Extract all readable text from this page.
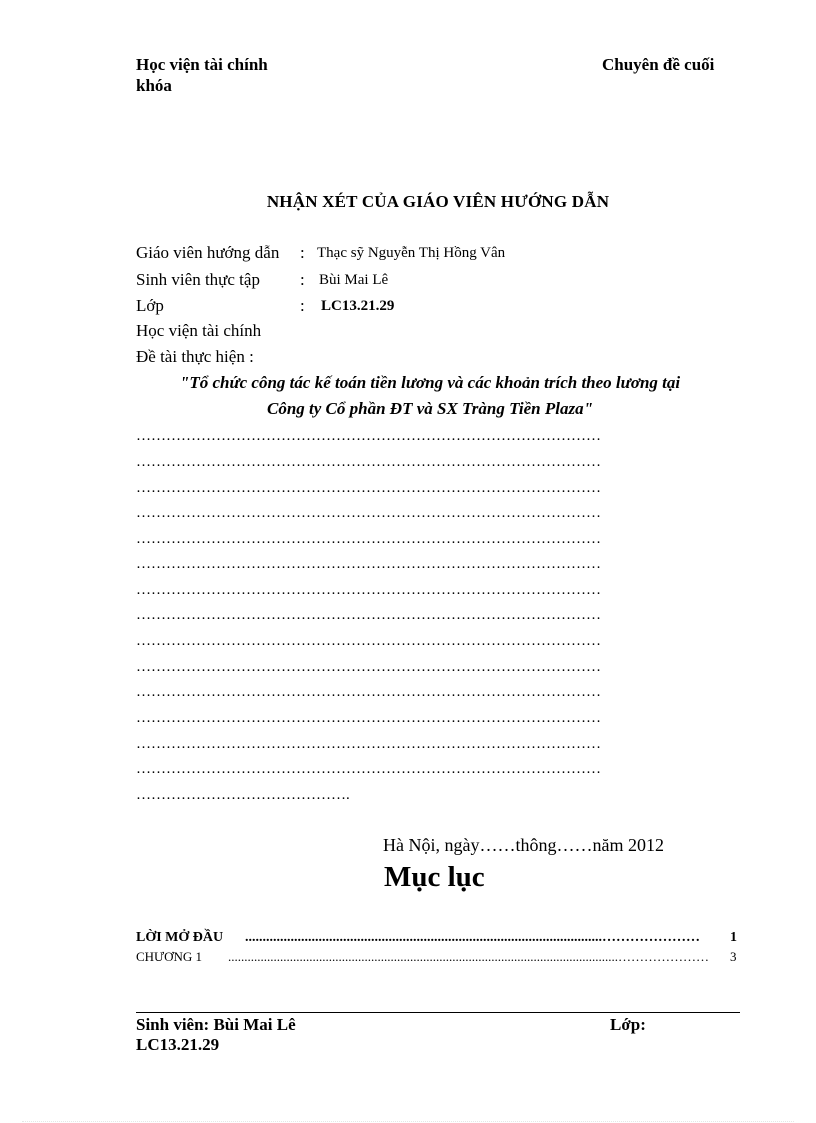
Học viện tài chính	Chuyên đề cuối
khóa
NHẬN XÉT CỦA GIÁO VIÊN HƯỚNG DẪN
Giáo viên hướng dẫn : Thạc sỹ Nguyễn Thị Hồng Vân
Sinh viên thực tập : Bùi Mai Lê
Lớp	: LC13.21.29
Học viện tài chính
Đề tài thực hiện :
"Tổ chức công tác kế toán tiền lương và các khoản trích theo lương tại
Công ty Cổ phần ĐT và SX Tràng Tiền Plaza"
…………………………………………………………………………………
…………………………………………………………………………………
…………………………………………………………………………………
…………………………………………………………………………………
…………………………………………………………………………………
…………………………………………………………………………………
…………………………………………………………………………………
…………………………………………………………………………………
…………………………………………………………………………………
…………………………………………………………………………………
…………………………………………………………………………………
…………………………………………………………………………………
…………………………………………………………………………………
…………………………………………………………………………………
…………………………………….
Hà Nội, ngày……thông……năm 2012
Mục lục
LỜI MỞ ĐẦU ......................................................................................................…………………	1
CHƯƠNG 1 ........................................................................................................................…………………	3
Sinh viên: Bùi Mai Lê	Lớp:
LC13.21.29
